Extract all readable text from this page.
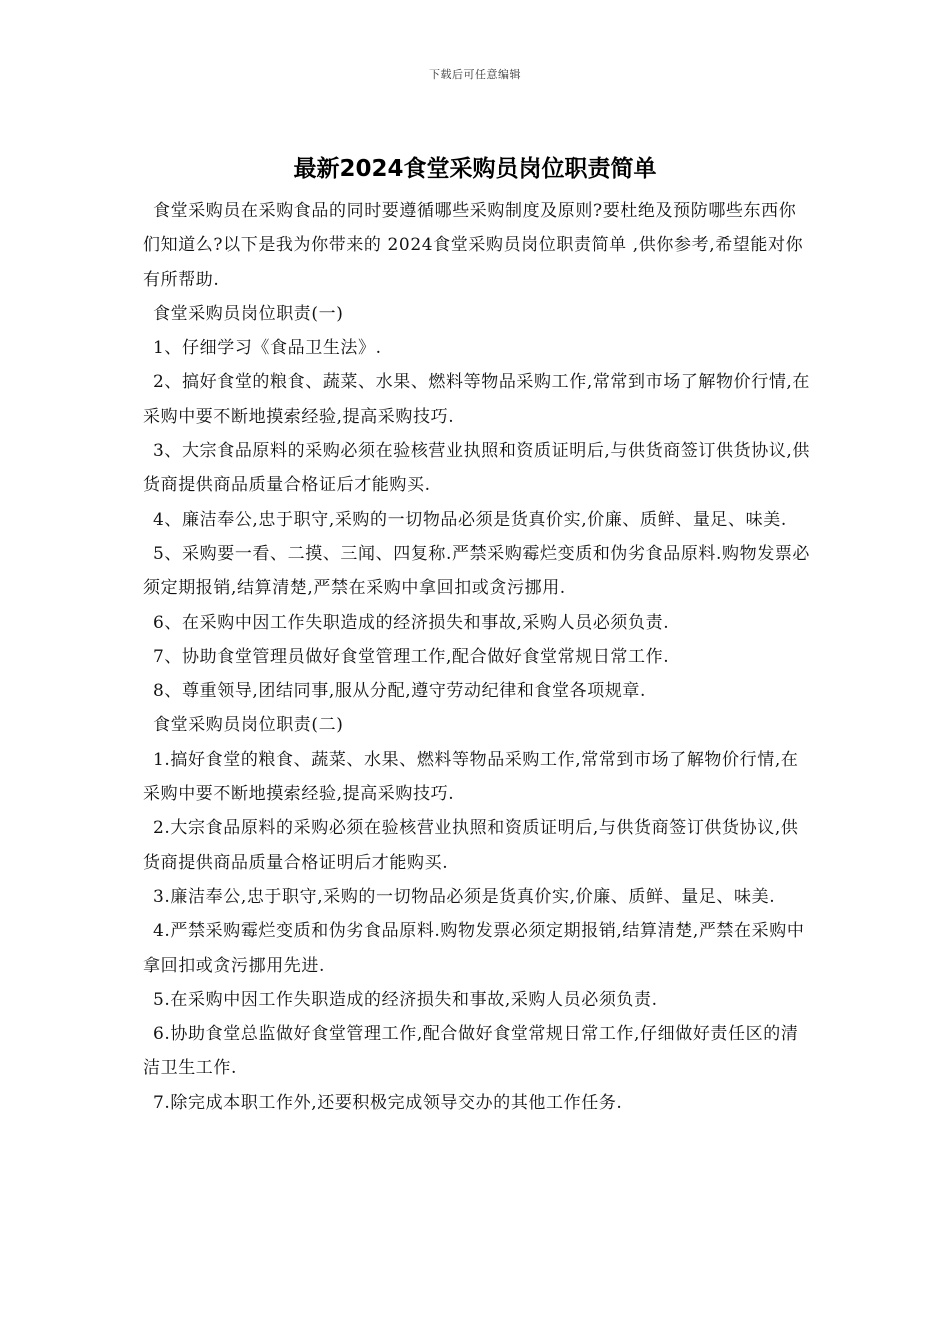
下载后可任意编辑
最新2024食堂采购员岗位职责简单

食堂采购员在采购食品的同时要遵循哪些采购制度及原则?要杜绝及预防哪些东西你们知道么?以下是我为你带来的 2024食堂采购员岗位职责简单 ,供你参考,希望能对你有所帮助.

食堂采购员岗位职责(一)

1、仔细学习《食品卫生法》.

2、搞好食堂的粮食、蔬菜、水果、燃料等物品采购工作,常常到市场了解物价行情,在采购中要不断地摸索经验,提高采购技巧.

3、大宗食品原料的采购必须在验核营业执照和资质证明后,与供货商签订供货协议,供货商提供商品质量合格证后才能购买.

4、廉洁奉公,忠于职守,采购的一切物品必须是货真价实,价廉、质鲜、量足、味美.

5、采购要一看、二摸、三闻、四复称.严禁采购霉烂变质和伪劣食品原料.购物发票必须定期报销,结算清楚,严禁在采购中拿回扣或贪污挪用.

6、在采购中因工作失职造成的经济损失和事故,采购人员必须负责.

7、协助食堂管理员做好食堂管理工作,配合做好食堂常规日常工作.

8、尊重领导,团结同事,服从分配,遵守劳动纪律和食堂各项规章.

食堂采购员岗位职责(二)

1.搞好食堂的粮食、蔬菜、水果、燃料等物品采购工作,常常到市场了解物价行情,在采购中要不断地摸索经验,提高采购技巧.

2.大宗食品原料的采购必须在验核营业执照和资质证明后,与供货商签订供货协议,供货商提供商品质量合格证明后才能购买.

3.廉洁奉公,忠于职守,采购的一切物品必须是货真价实,价廉、质鲜、量足、味美.

4.严禁采购霉烂变质和伪劣食品原料.购物发票必须定期报销,结算清楚,严禁在采购中拿回扣或贪污挪用先进.

5.在采购中因工作失职造成的经济损失和事故,采购人员必须负责.

6.协助食堂总监做好食堂管理工作,配合做好食堂常规日常工作,仔细做好责任区的清洁卫生工作.

7.除完成本职工作外,还要积极完成领导交办的其他工作任务.
